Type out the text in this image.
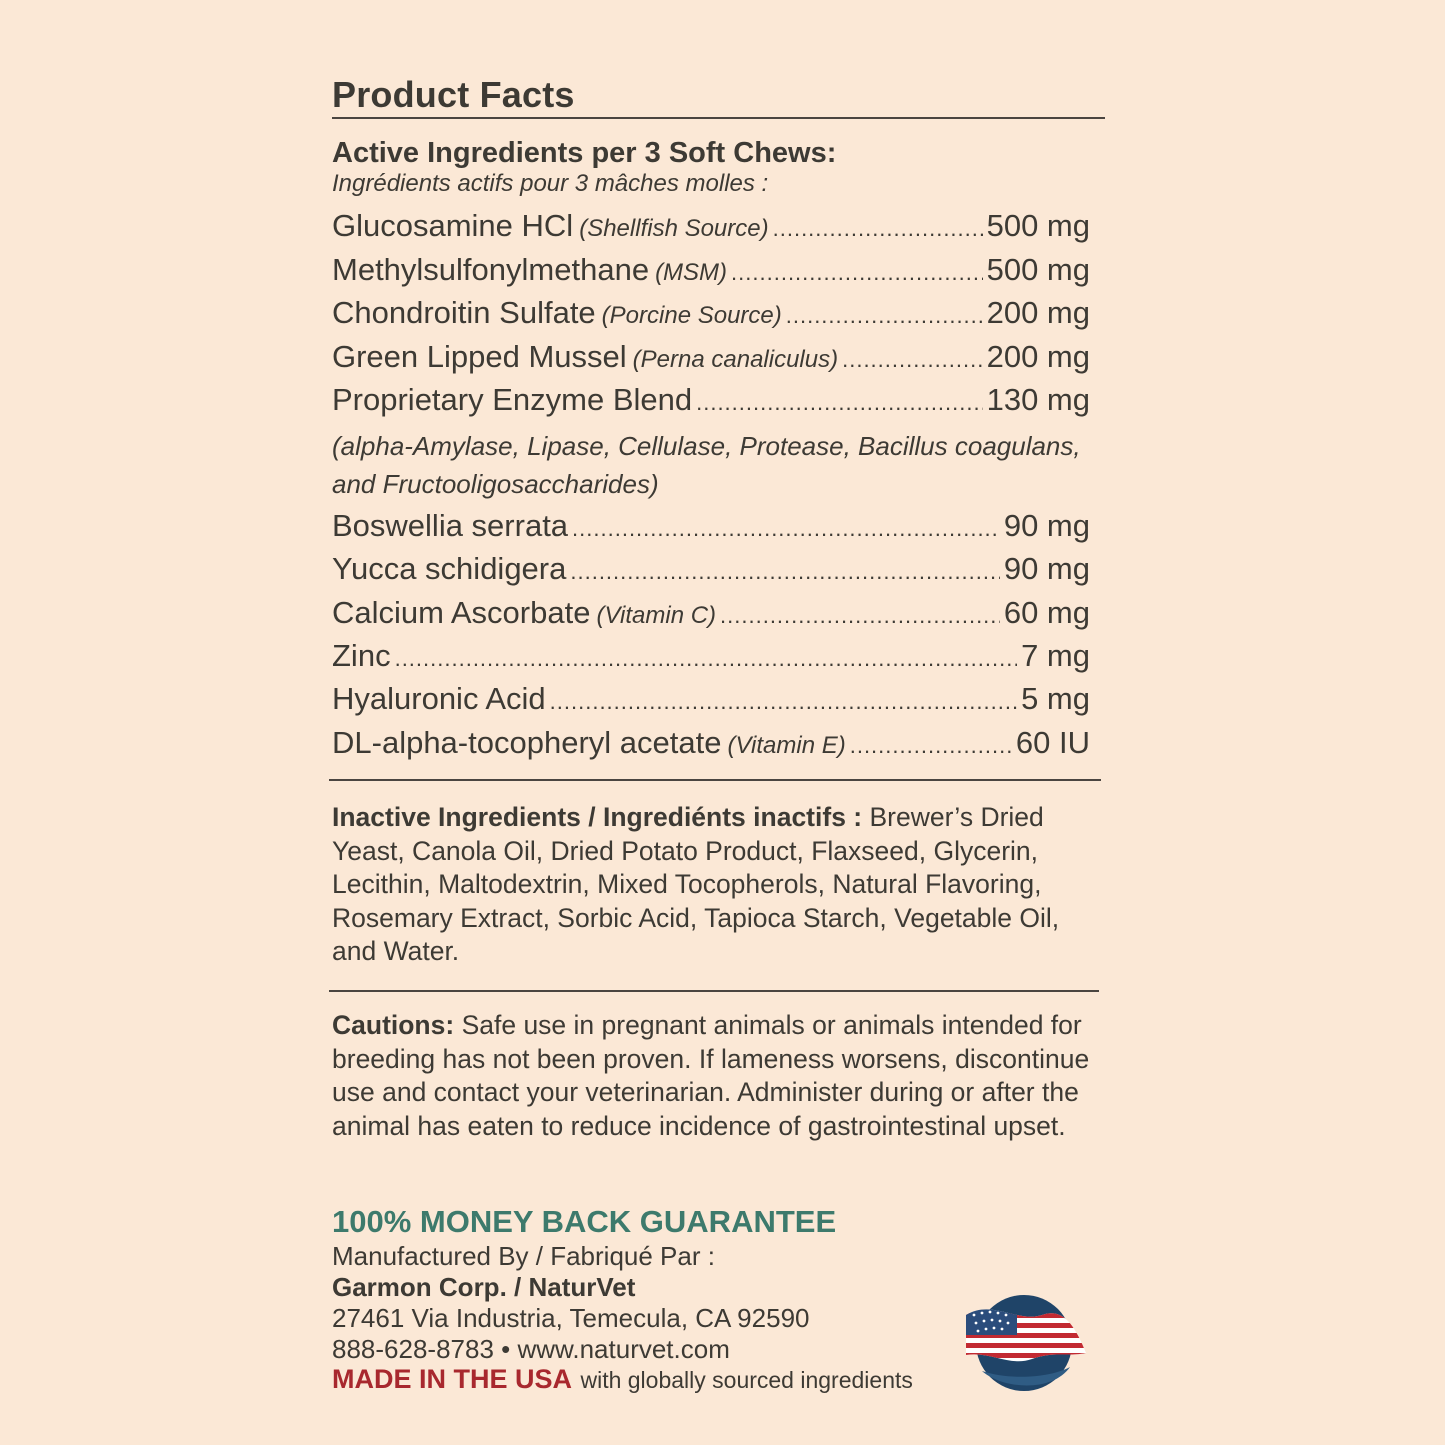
Product Facts
Active Ingredients per 3 Soft Chews:
Ingrédients actifs pour 3 mâches molles :
Glucosamine HCl (Shellfish Source) .....	500 mg
Methylsulfonylmethane (MSM) .....	500 mg
Chondroitin Sulfate (Porcine Source) .....	200 mg
Green Lipped Mussel (Perna canaliculus) .....	200 mg
Proprietary Enzyme Blend .....	130 mg
Boswellia serrata .....	90 mg
Yucca schidigera .....	90 mg
Calcium Ascorbate (Vitamin C) .....	60 mg
Zinc .....	7 mg
Hyaluronic Acid .....	5 mg
DL-alpha-tocopheryl acetate (Vitamin E) .....	60 IU
(alpha-Amylase, Lipase, Cellulase, Protease, Bacillus coagulans, and Fructooligosaccharides)
Inactive Ingredients / Ingrediénts inactifs : Brewer’s Dried Yeast, Canola Oil, Dried Potato Product, Flaxseed, Glycerin, Lecithin, Maltodextrin, Mixed Tocopherols, Natural Flavoring, Rosemary Extract, Sorbic Acid, Tapioca Starch, Vegetable Oil, and Water.
Cautions: Safe use in pregnant animals or animals intended for breeding has not been proven. If lameness worsens, discontinue use and contact your veterinarian. Administer during or after the animal has eaten to reduce incidence of gastrointestinal upset.
100% MONEY BACK GUARANTEE
Manufactured By / Fabriqué Par :
Garmon Corp. / NaturVet
27461 Via Industria, Temecula, CA 92590
888-628-8783 • www.naturvet.com
MADE IN THE USA with globally sourced ingredients
